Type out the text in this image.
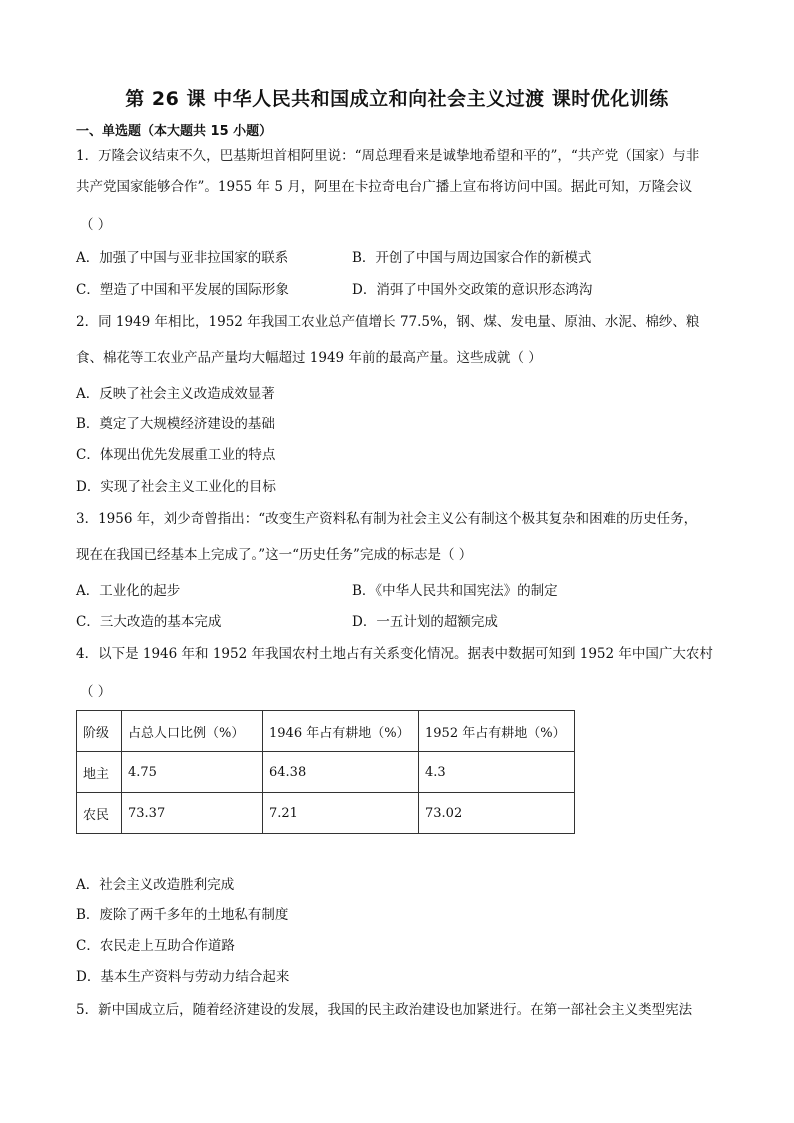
第 26 课 中华人民共和国成立和向社会主义过渡 课时优化训练
一、单选题（本大题共 15 小题）
1．万隆会议结束不久，巴基斯坦首相阿里说：“周总理看来是诚挚地希望和平的”，“共产党（国家）与非
共产党国家能够合作”。1955 年 5 月，阿里在卡拉奇电台广播上宣布将访问中国。据此可知，万隆会议
（ ）
A．加强了中国与亚非拉国家的联系	B．开创了中国与周边国家合作的新模式
C．塑造了中国和平发展的国际形象	D．消弭了中国外交政策的意识形态鸿沟
2．同 1949 年相比，1952 年我国工农业总产值增长 77.5%，钢、煤、发电量、原油、水泥、棉纱、粮
食、棉花等工农业产品产量均大幅超过 1949 年前的最高产量。这些成就（ ）
A．反映了社会主义改造成效显著
B．奠定了大规模经济建设的基础
C．体现出优先发展重工业的特点
D．实现了社会主义工业化的目标
3．1956 年，刘少奇曾指出：“改变生产资料私有制为社会主义公有制这个极其复杂和困难的历史任务，
现在在我国已经基本上完成了。”这一“历史任务”完成的标志是（ ）
A．工业化的起步	B．《中华人民共和国宪法》的制定
C．三大改造的基本完成	D．一五计划的超额完成
4．以下是 1946 年和 1952 年我国农村土地占有关系变化情况。据表中数据可知到 1952 年中国广大农村
（ ）
阶级	占总人口比例（%）	1946 年占有耕地（%）	1952 年占有耕地（%）
地主	4.75	64.38	4.3
农民	73.37	7.21	73.02
A．社会主义改造胜利完成
B．废除了两千多年的土地私有制度
C．农民走上互助合作道路
D．基本生产资料与劳动力结合起来
5．新中国成立后，随着经济建设的发展，我国的民主政治建设也加紧进行。在第一部社会主义类型宪法
